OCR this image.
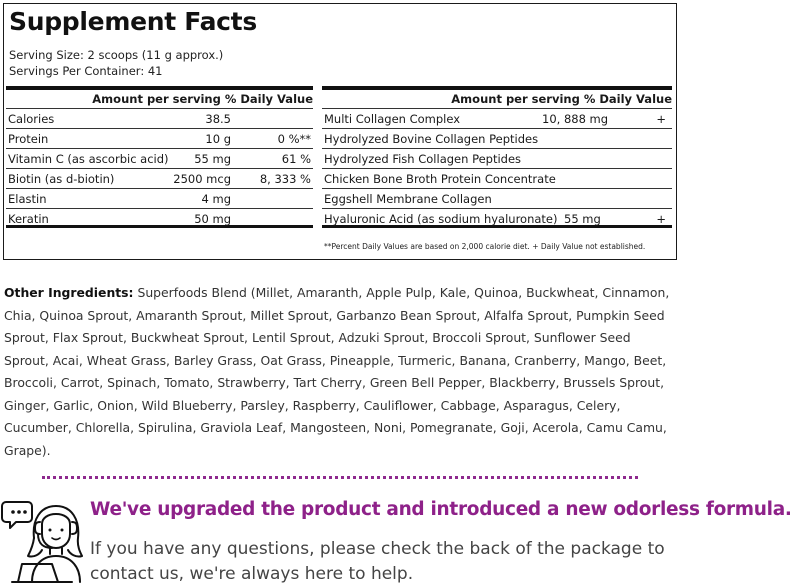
Supplement Facts
Serving Size: 2 scoops (11 g approx.)
Servings Per Container: 41
Amount per serving % Daily Value
Calories	38.5
Protein	10 g	0 %**
Vitamin C (as ascorbic acid) 55 mg	61 %
Biotin (as d-biotin)	2500 mcg	8, 333 %
Elastin	4 mg
Keratin	50 mg
Amount per serving % Daily Value
Multi Collagen Complex	10, 888 mg	+
Hydrolyzed Bovine Collagen Peptides
Hydrolyzed Fish Collagen Peptides
Chicken Bone Broth Protein Concentrate
Eggshell Membrane Collagen
Hyaluronic Acid (as sodium hyaluronate) 55 mg	+
**Percent Daily Values are based on 2,000 calorie diet. + Daily Value not established.
Other Ingredients: Superfoods Blend (Millet, Amaranth, Apple Pulp, Kale, Quinoa, Buckwheat, Cinnamon, Chia, Quinoa Sprout, Amaranth Sprout, Millet Sprout, Garbanzo Bean Sprout, Alfalfa Sprout, Pumpkin Seed Sprout, Flax Sprout, Buckwheat Sprout, Lentil Sprout, Adzuki Sprout, Broccoli Sprout, Sunflower Seed Sprout, Acai, Wheat Grass, Barley Grass, Oat Grass, Pineapple, Turmeric, Banana, Cranberry, Mango, Beet, Broccoli, Carrot, Spinach, Tomato, Strawberry, Tart Cherry, Green Bell Pepper, Blackberry, Brussels Sprout, Ginger, Garlic, Onion, Wild Blueberry, Parsley, Raspberry, Cauliflower, Cabbage, Asparagus, Celery, Cucumber, Chlorella, Spirulina, Graviola Leaf, Mangosteen, Noni, Pomegranate, Goji, Acerola, Camu Camu, Grape).
We've upgraded the product and introduced a new odorless formula.
If you have any questions, please check the back of the package to contact us, we're always here to help.
